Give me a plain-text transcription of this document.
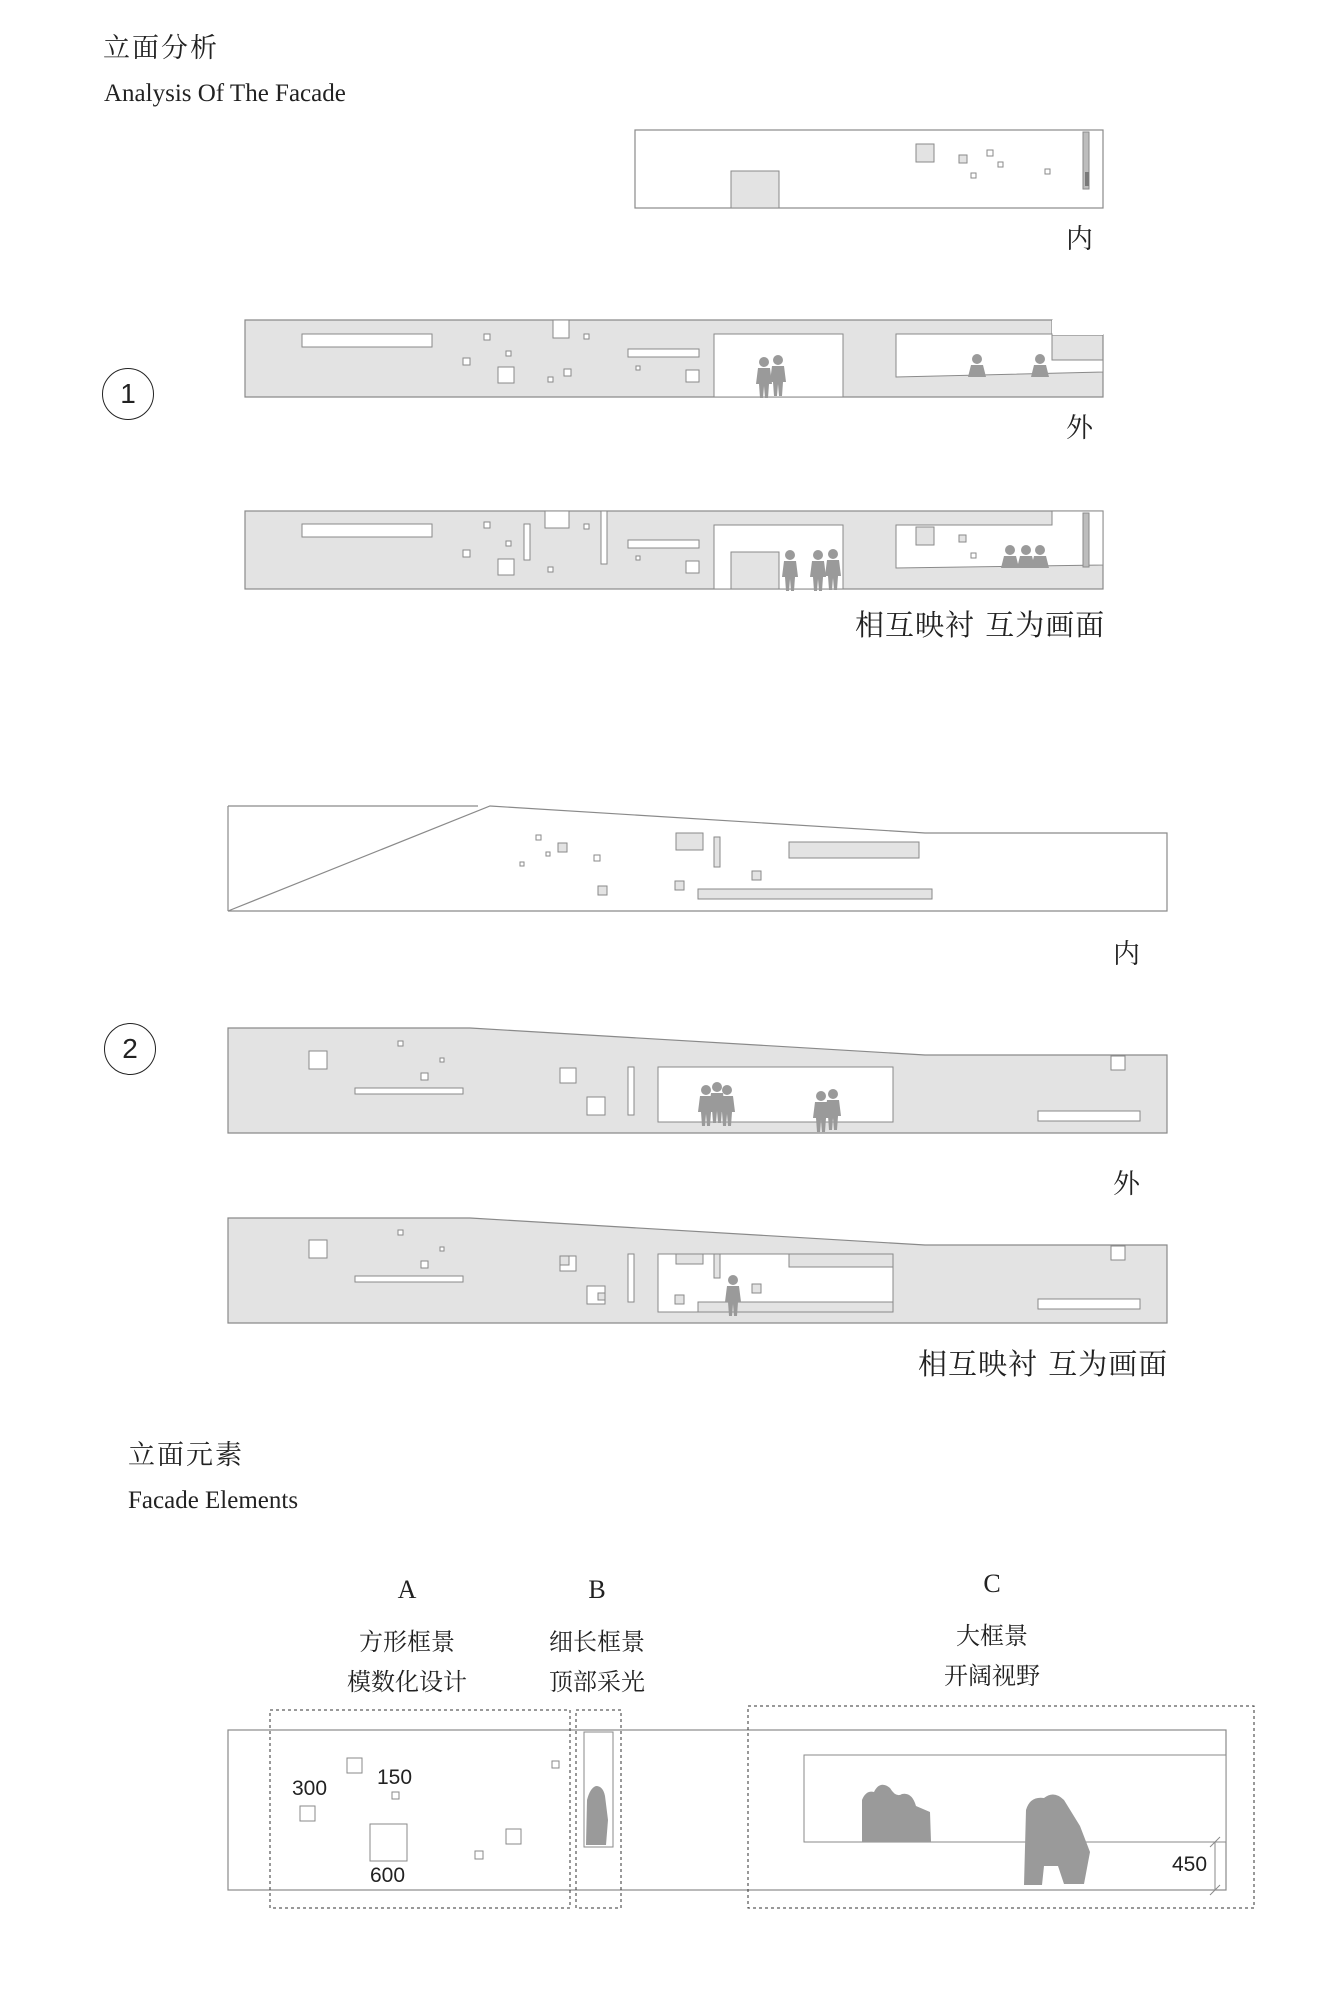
立面分析
Analysis Of The Facade
内
1
外
相互映衬 互为画面
内
2
外
相互映衬 互为画面
立面元素
Facade Elements
A
方形框景
模数化设计
B
细长框景
顶部采光
C
大框景
开阔视野
300 150
600	450
